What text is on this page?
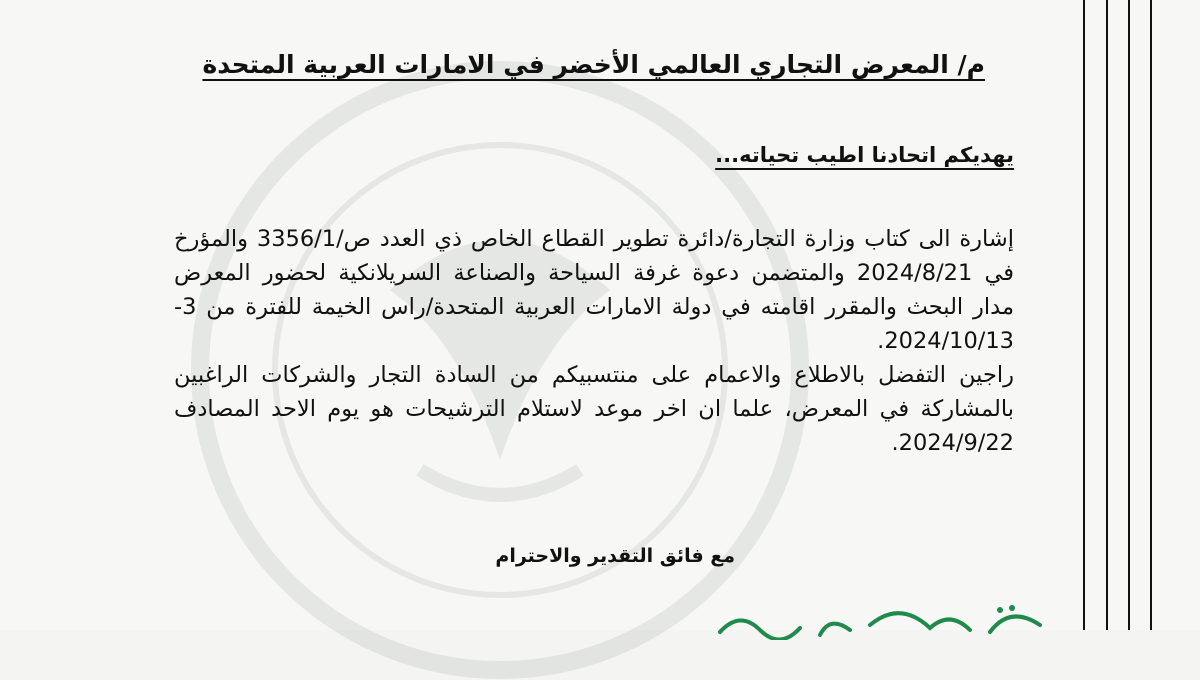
م/ المعرض التجاري العالمي الأخضر في الامارات العربية المتحدة
يهديكم اتحادنا اطيب تحياته...

إشارة الى كتاب وزارة التجارة/دائرة تطوير القطاع الخاص ذي العدد ص/3356/1 والمؤرخ في 2024/8/21 والمتضمن دعوة غرفة السياحة والصناعة السريلانكية لحضور المعرض مدار البحث والمقرر اقامته في دولة الامارات العربية المتحدة/راس الخيمة للفترة من 3-2024/10/13.

راجين التفضل بالاطلاع والاعمام على منتسبيكم من السادة التجار والشركات الراغبين بالمشاركة في المعرض، علما ان اخر موعد لاستلام الترشيحات هو يوم الاحد المصادف 2024/9/22.

مع فائق التقدير والاحترام
